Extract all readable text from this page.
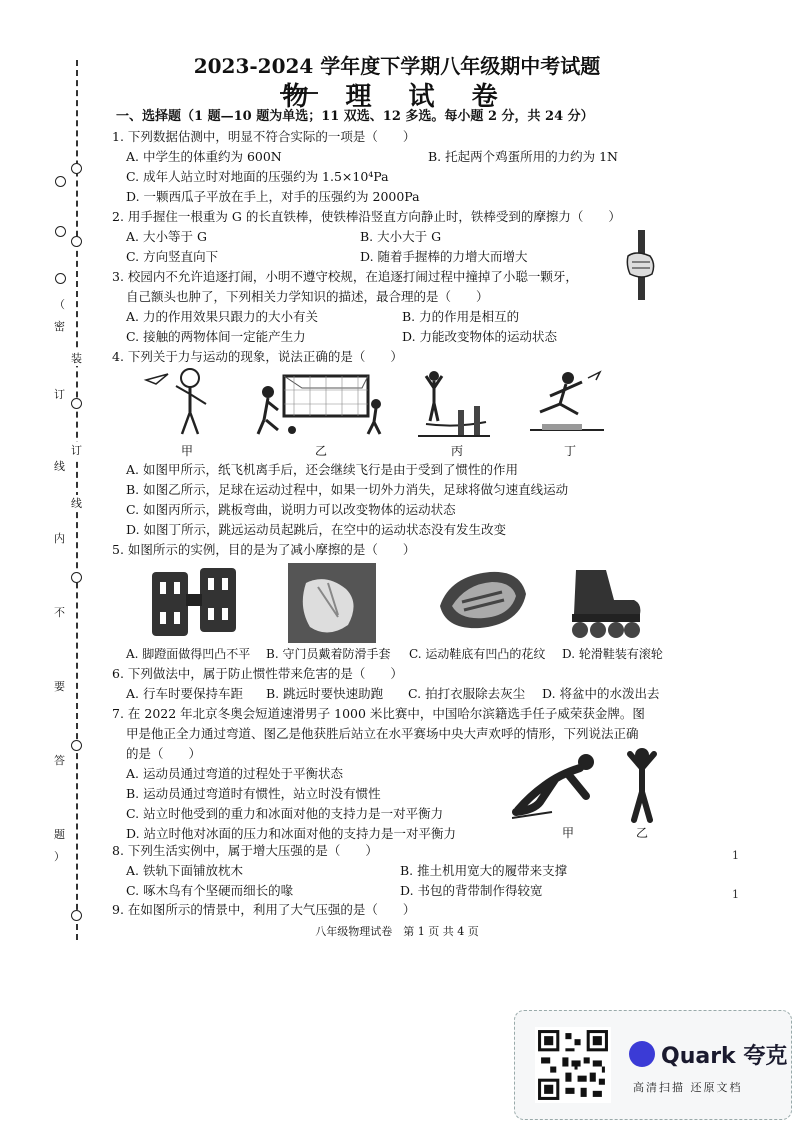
（
密
订
线
内
不
要
答
题
）
装
订
线
2023-2024 学年度下学期八年级期中考试题
物 理 试 卷
一、选择题（1 题—10 题为单选；11 双选、12 多选。每小题 2 分，共 24 分）
1. 下列数据估测中，明显不符合实际的一项是（　　）
A. 中学生的体重约为 600N	B. 托起两个鸡蛋所用的力约为 1N
C. 成年人站立时对地面的压强约为 1.5×10⁴Pa
D. 一颗西瓜子平放在手上，对手的压强约为 2000Pa
2. 用手握住一根重为 G 的长直铁棒，使铁棒沿竖直方向静止时，铁棒受到的摩擦力（　　）
A. 大小等于 G	B. 大小大于 G
C. 方向竖直向下	D. 随着手握棒的力增大而增大
3. 校园内不允许追逐打闹，小明不遵守校规，在追逐打闹过程中撞掉了小聪一颗牙，
自己额头也肿了，下列相关力学知识的描述，最合理的是（　　）
A. 力的作用效果只跟力的大小有关	B. 力的作用是相互的
C. 接触的两物体间一定能产生力	D. 力能改变物体的运动状态
4. 下列关于力与运动的现象，说法正确的是（　　）
甲	乙	丙	丁
A. 如图甲所示，纸飞机离手后，还会继续飞行是由于受到了惯性的作用
B. 如图乙所示，足球在运动过程中，如果一切外力消失，足球将做匀速直线运动
C. 如图丙所示，跳板弯曲，说明力可以改变物体的运动状态
D. 如图丁所示，跳远运动员起跳后，在空中的运动状态没有发生改变
5. 如图所示的实例，目的是为了减小摩擦的是（　　）
A. 脚蹬面做得凹凸不平 B. 守门员戴着防滑手套 C. 运动鞋底有凹凸的花纹 D. 轮滑鞋装有滚轮
6. 下列做法中，属于防止惯性带来危害的是（　　）
A. 行车时要保持车距 B. 跳远时要快速助跑 C. 拍打衣服除去灰尘 D. 将盆中的水泼出去
7. 在 2022 年北京冬奥会短道速滑男子 1000 米比赛中，中国哈尔滨籍选手任子威荣获金牌。图
甲是他正全力通过弯道、图乙是他获胜后站立在水平赛场中央大声欢呼的情形，下列说法正确
的是（　　）
A. 运动员通过弯道的过程处于平衡状态
B. 运动员通过弯道时有惯性，站立时没有惯性
C. 站立时他受到的重力和冰面对他的支持力是一对平衡力
D. 站立时他对冰面的压力和冰面对他的支持力是一对平衡力	甲	乙
8. 下列生活实例中，属于增大压强的是（　　）
A. 铁轨下面铺放枕木	B. 推土机用宽大的履带来支撑
C. 啄木鸟有个坚硬而细长的喙	D. 书包的背带制作得较宽
1
1
9. 在如图所示的情景中，利用了大气压强的是（　　）
八年级物理试卷　第 1 页 共 4 页
Quark 夸克
高清扫描 还原文档
